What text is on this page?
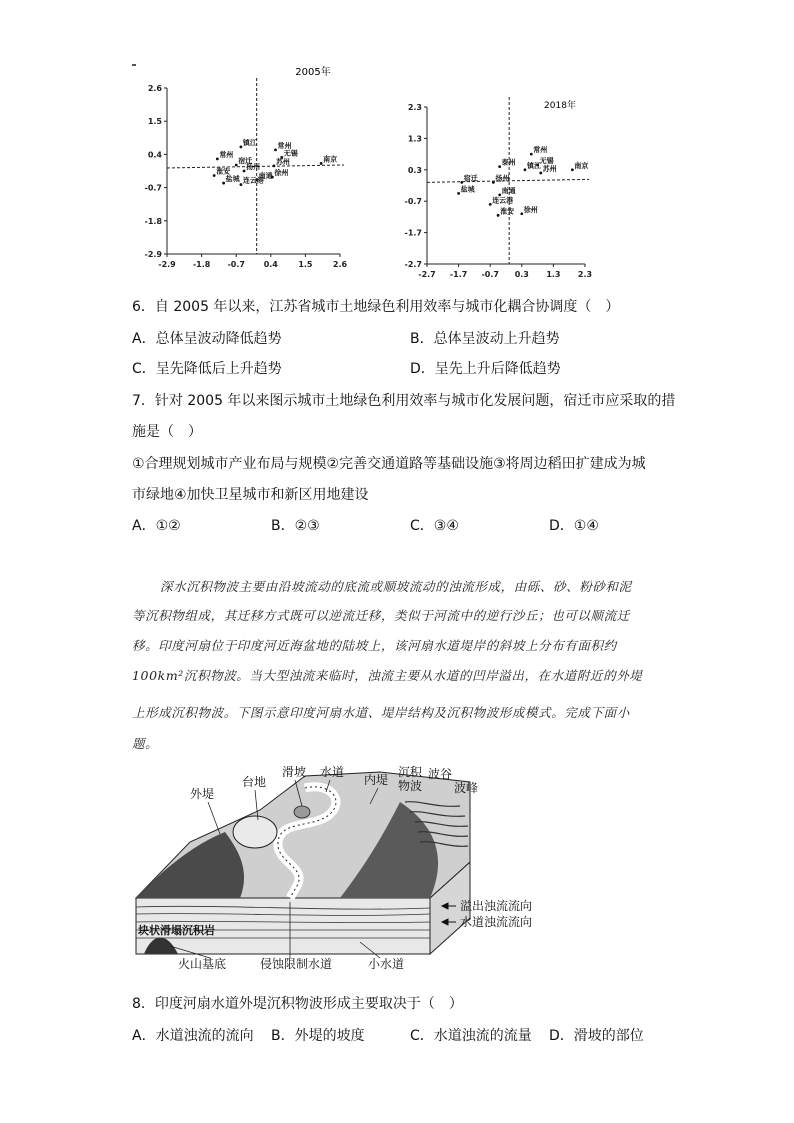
2005年
-2.9 -1.8 -0.7 0.4	1.5	2.6
2.6
1.5
0.4
-0.7
-1.8
-2.9
镇江	常州
无锡
苏州	南京
常州
宿迁
扬州
徐州
南通
淮安
盐城 连云港
2018年
-2.7 -1.7 -0.7 0.3 1.3 2.3
2.3
1.3
0.3
-0.7
-1.7
-2.7
常州
无锡
镇江 苏州	南京
泰州
宿迁	扬州
盐城	南通
连云港
淮安 徐州
6．自 2005 年以来，江苏省城市土地绿色利用效率与城市化耦合协调度（　）
A．总体呈波动降低趋势	B．总体呈波动上升趋势
C．呈先降低后上升趋势	D．呈先上升后降低趋势
7．针对 2005 年以来图示城市土地绿色利用效率与城市化发展问题，宿迁市应采取的措
施是（　）
①合理规划城市产业布局与规模②完善交通道路等基础设施③将周边稻田扩建成为城
市绿地④加快卫星城市和新区用地建设
A．①②	B．②③	C．③④	D．①④
深水沉积物波主要由沿坡流动的底流或顺坡流动的浊流形成，由砾、砂、粉砂和泥
等沉积物组成，其迁移方式既可以逆流迁移，类似于河流中的逆行沙丘；也可以顺流迁
移。印度河扇位于印度河近海盆地的陆坡上，该河扇水道堤岸的斜坡上分布有面积约
100km²沉积物波。当大型浊流来临时，浊流主要从水道的凹岸溢出，在水道附近的外堤
上形成沉积物波。下图示意印度河扇水道、堤岸结构及沉积物波形成模式。完成下面小
题。
外堤
台地
滑坡 水道
内堤
沉积
物波
波谷
波峰
溢出浊流流向
水道浊流流向
块状滑塌沉积岩
火山基底	侵蚀限制水道	小水道
8．印度河扇水道外堤沉积物波形成主要取决于（　）
A．水道浊流的流向 B．外堤的坡度	C．水道浊流的流量 D．滑坡的部位
